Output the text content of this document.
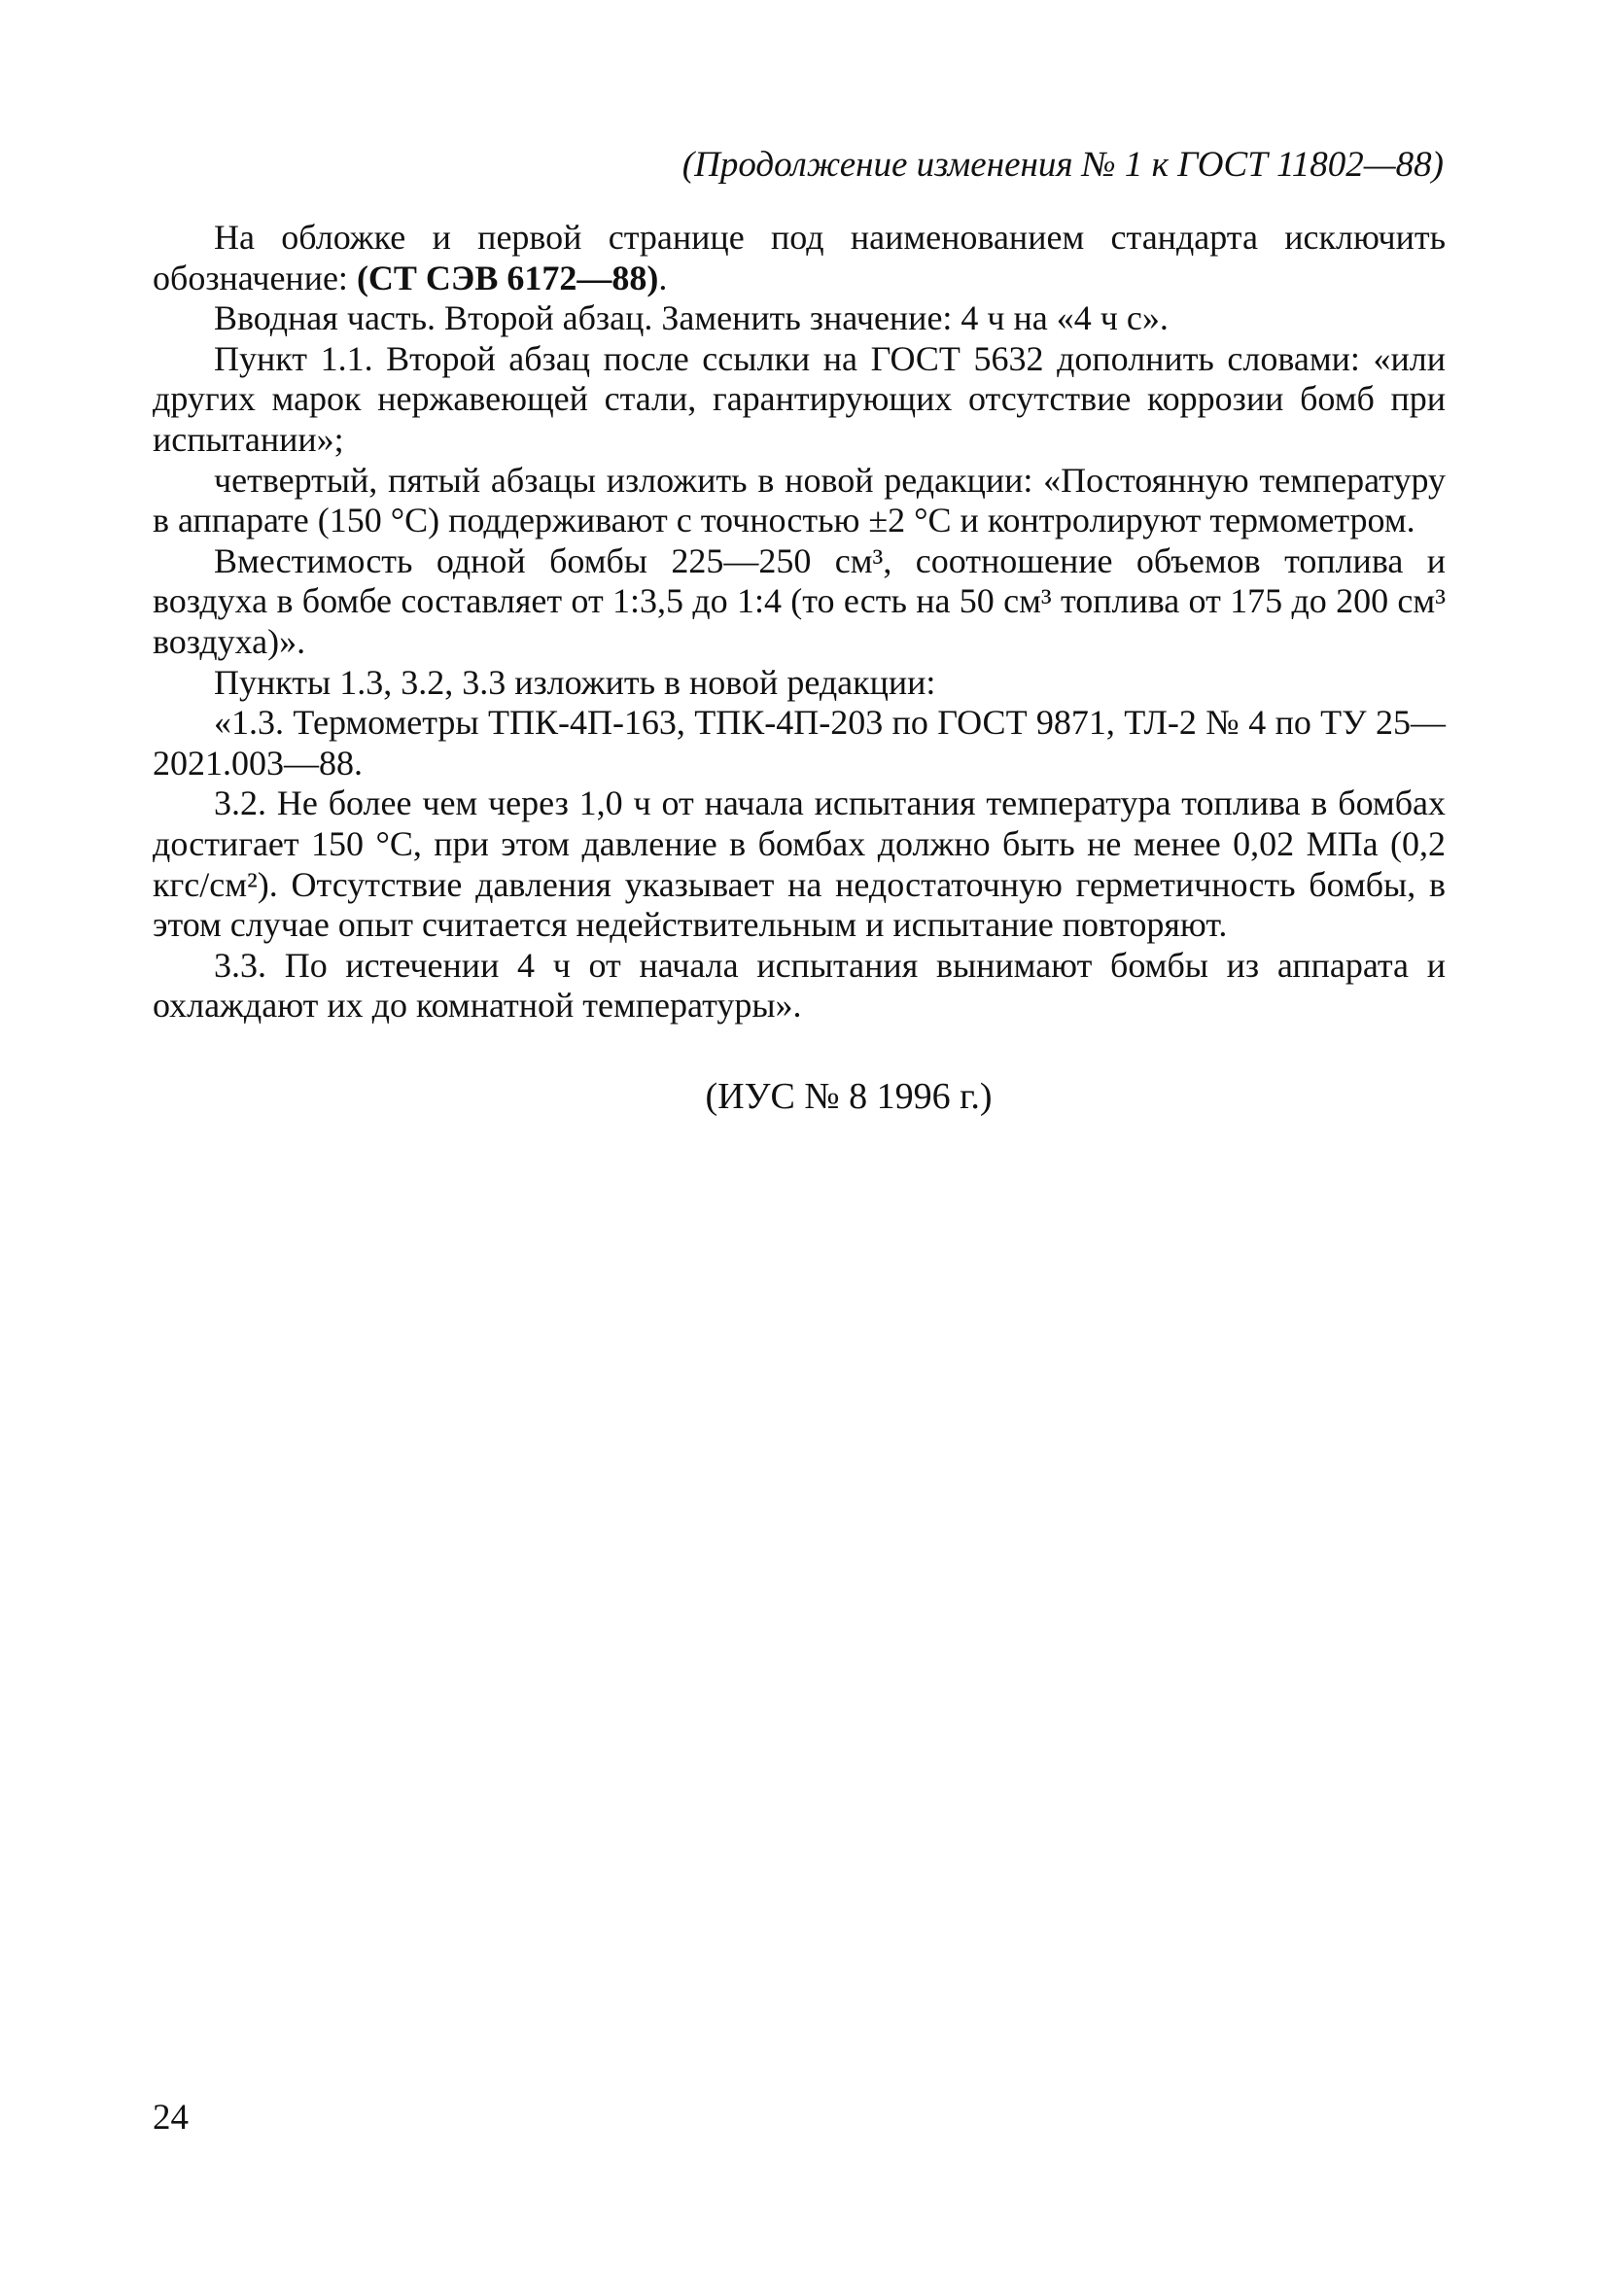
(Продолжение изменения № 1 к ГОСТ 11802—88)

На обложке и первой странице под наименованием стандарта исключить обозначение: (СТ СЭВ 6172—88).

Вводная часть. Второй абзац. Заменить значение: 4 ч на «4 ч с».

Пункт 1.1. Второй абзац после ссылки на ГОСТ 5632 дополнить словами: «или других марок нержавеющей стали, гарантирующих отсутствие коррозии бомб при испытании»;

четвертый, пятый абзацы изложить в новой редакции: «Постоянную температуру в аппарате (150 °С) поддерживают с точностью ±2 °С и контролируют термометром.

Вместимость одной бомбы 225—250 см³, соотношение объемов топлива и воздуха в бомбе составляет от 1:3,5 до 1:4 (то есть на 50 см³ топлива от 175 до 200 см³ воздуха)».

Пункты 1.3, 3.2, 3.3 изложить в новой редакции:

«1.3. Термометры ТПК-4П-163, ТПК-4П-203 по ГОСТ 9871, ТЛ-2 № 4 по ТУ 25—2021.003—88.

3.2. Не более чем через 1,0 ч от начала испытания температура топлива в бомбах достигает 150 °С, при этом давление в бомбах должно быть не менее 0,02 МПа (0,2 кгс/см²). Отсутствие давления указывает на недостаточную герметичность бомбы, в этом случае опыт считается недействительным и испытание повторяют.

3.3. По истечении 4 ч от начала испытания вынимают бомбы из аппарата и охлаждают их до комнатной температуры».

(ИУС № 8 1996 г.)
24
